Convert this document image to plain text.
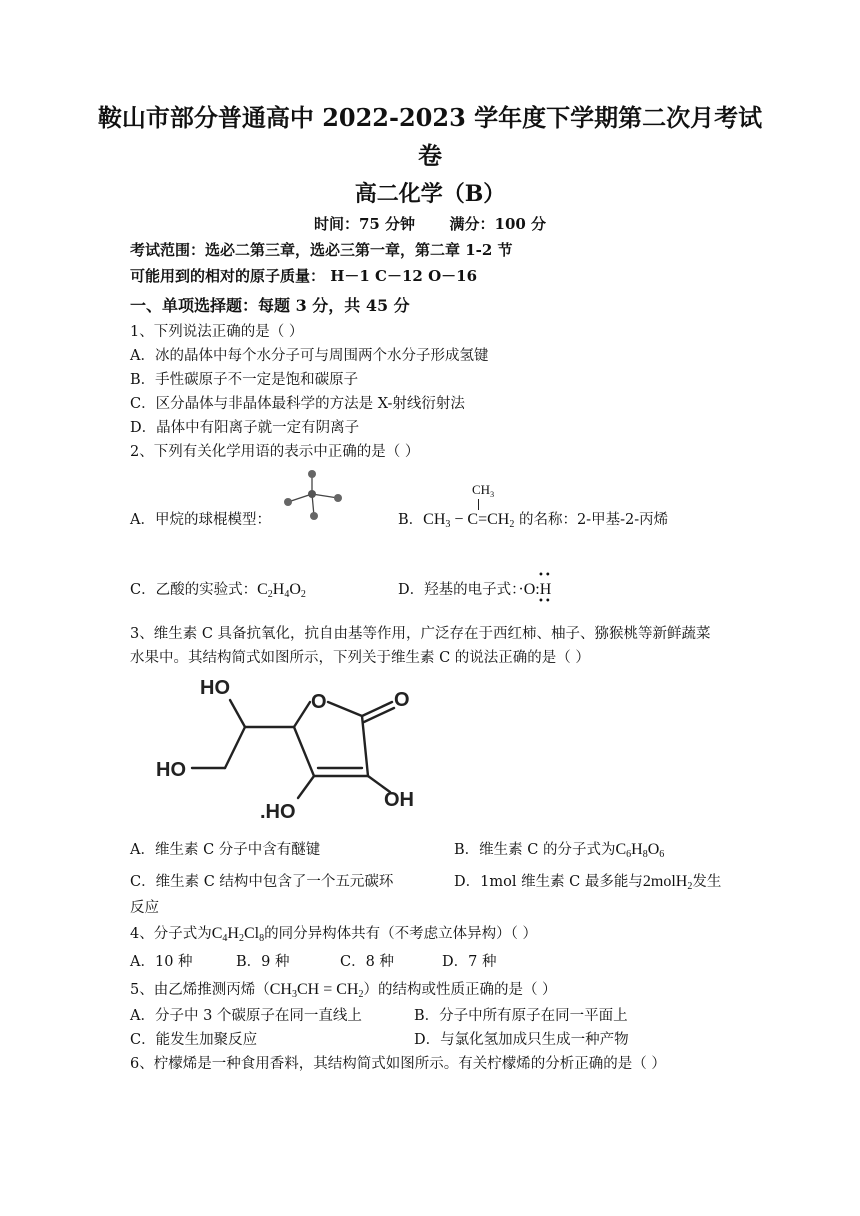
鞍山市部分普通高中 2022-2023 学年度下学期第二次月考试
卷
高二化学（B）
时间：75 分钟 满分：100 分
考试范围：选必二第三章，选必三第一章，第二章 1-2 节
可能用到的相对的原子质量： H－1 C－12 O－16
一、单项选择题：每题 3 分，共 45 分
1、下列说法正确的是（ ）
A．冰的晶体中每个水分子可与周围两个水分子形成氢键
B．手性碳原子不一定是饱和碳原子
C．区分晶体与非晶体最科学的方法是 X-射线衍射法
D．晶体中有阳离子就一定有阴离子
2、下列有关化学用语的表示中正确的是（ ）
A．甲烷的球棍模型：	B．$CH_3 - C=CH_2$ 的名称：2-甲基-2-丙烯
$CH_3$
C．乙酸的实验式：$C_2H_4O_2$	D．羟基的电子式：·O:H
••
••
3、维生素 C 具备抗氧化，抗自由基等作用，广泛存在于西红柿、柚子、猕猴桃等新鲜蔬菜
水果中。其结构简式如图所示，下列关于维生素 C 的说法正确的是（ ）
HO
O	O
HO
.HO
OH
A．维生素 C 分子中含有醚键	B．维生素 C 的分子式为$C_6H_8O_6$
C．维生素 C 结构中包含了一个五元碳环	D．1mol 维生素 C 最多能与2molH$_2$发生
反应
4、分子式为$C_4H_2Cl_8$的同分异构体共有（不考虑立体异构）（ ）
A．10 种	B．9 种	C．8 种	D．7 种
5、由乙烯推测丙烯$(CH_3CH = CH_2)$的结构或性质正确的是（ ）
A．分子中 3 个碳原子在同一直线上	B．分子中所有原子在同一平面上
C．能发生加聚反应	D．与氯化氢加成只生成一种产物
6、柠檬烯是一种食用香料，其结构简式如图所示。有关柠檬烯的分析正确的是（ ）
